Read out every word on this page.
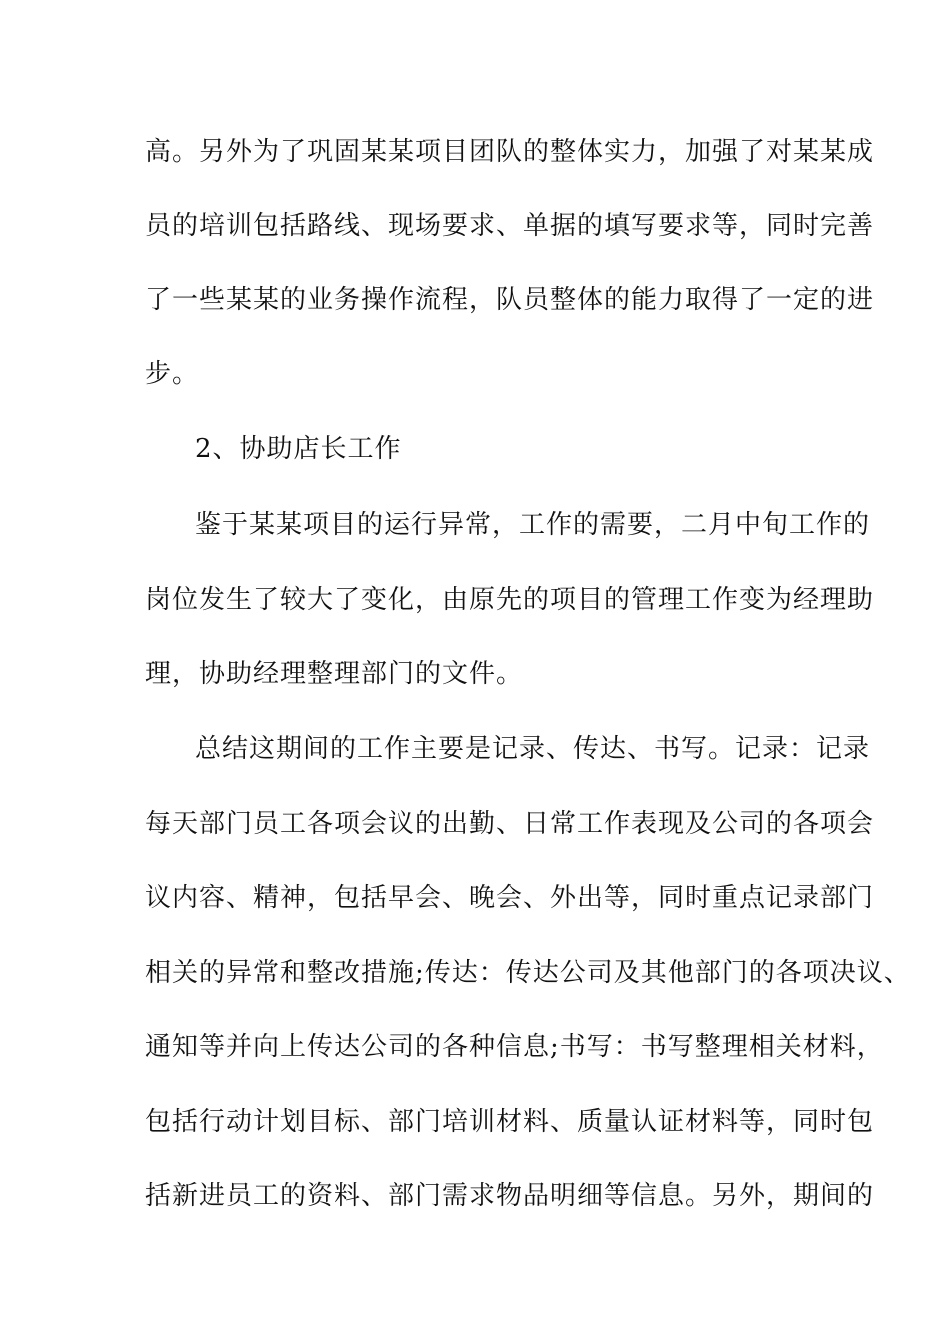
高。另外为了巩固某某项目团队的整体实力，加强了对某某成
员的培训包括路线、现场要求、单据的填写要求等，同时完善
了一些某某的业务操作流程，队员整体的能力取得了一定的进
步。
2、协助店长工作
鉴于某某项目的运行异常，工作的需要，二月中旬工作的
岗位发生了较大了变化，由原先的项目的管理工作变为经理助
理，协助经理整理部门的文件。
总结这期间的工作主要是记录、传达、书写。记录：记录
每天部门员工各项会议的出勤、日常工作表现及公司的各项会
议内容、精神，包括早会、晚会、外出等，同时重点记录部门
相关的异常和整改措施;传达：传达公司及其他部门的各项决议、
通知等并向上传达公司的各种信息;书写：书写整理相关材料，
包括行动计划目标、部门培训材料、质量认证材料等，同时包
括新进员工的资料、部门需求物品明细等信息。另外，期间的
